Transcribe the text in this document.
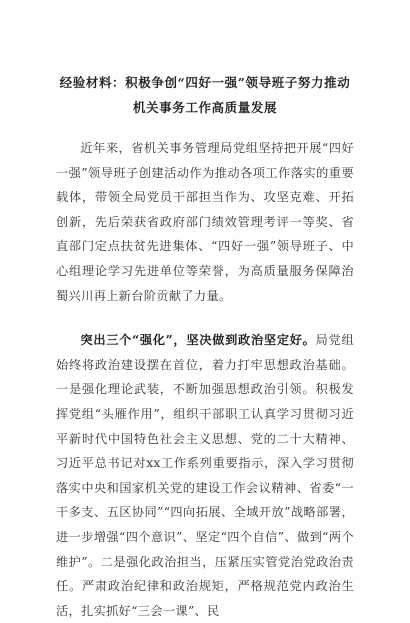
经验材料：积极争创“四好一强”领导班子努力推动机关事务工作高质量发展

近年来，省机关事务管理局党组坚持把开展“四好一强”领导班子创建活动作为推动各项工作落实的重要载体，带领全局党员干部担当作为、攻坚克难、开拓创新，先后荣获省政府部门绩效管理考评一等奖、省直部门定点扶贫先进集体、“四好一强”领导班子、中心组理论学习先进单位等荣誉，为高质量服务保障治蜀兴川再上新台阶贡献了力量。

突出三个“强化”，坚决做到政治坚定好。局党组始终将政治建设摆在首位，着力打牢思想政治基础。一是强化理论武装，不断加强思想政治引领。积极发挥党组“头雁作用”，组织干部职工认真学习贯彻习近平新时代中国特色社会主义思想、党的二十大精神、习近平总书记对xx工作系列重要指示，深入学习贯彻落实中央和国家机关党的建设工作会议精神、省委“一干多支、五区协同”“四向拓展、全域开放”战略部署，进一步增强“四个意识”、坚定“四个自信”、做到“两个维护”。二是强化政治担当，压紧压实管党治党政治责任。严肃政治纪律和政治规矩，严格规范党内政治生活，扎实抓好“三会一课”、民
